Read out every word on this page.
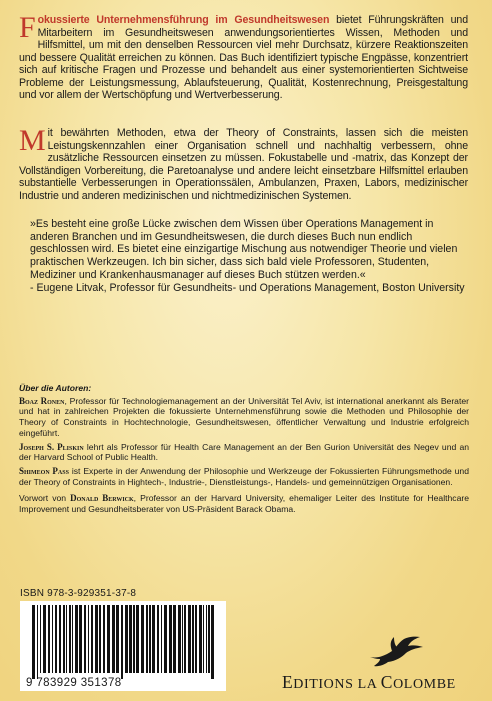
Fokussierte Unternehmensführung im Gesundheitswesen bietet Führungskräften und Mitarbeitern im Gesundheitswesen anwendungsorientiertes Wissen, Methoden und Hilfsmittel, um mit den denselben Ressourcen viel mehr Durchsatz, kürzere Reaktionszeiten und bessere Qualität erreichen zu können. Das Buch identifiziert typische Engpässe, konzentriert sich auf kritische Fragen und Prozesse und behandelt aus einer systemorientierten Sichtweise Probleme der Leistungsmessung, Ablaufsteuerung, Qualität, Kostenrechnung, Preisgestaltung und vor allem der Wertschöpfung und Wertverbesserung.
Mit bewährten Methoden, etwa der Theory of Constraints, lassen sich die meisten Leistungskennzahlen einer Organisation schnell und nachhaltig verbessern, ohne zusätzliche Ressourcen einsetzen zu müssen. Fokustabelle und -matrix, das Konzept der Vollständigen Vorbereitung, die Paretoanalyse und andere leicht einsetzbare Hilfsmittel erlauben substantielle Verbesserungen in Operationssälen, Ambulanzen, Praxen, Labors, medizinischer Industrie und anderen medizinischen und nichtmedizinischen Systemen.

»Es besteht eine große Lücke zwischen dem Wissen über Operations Management in anderen Branchen und im Gesundheitswesen, die durch dieses Buch nun endlich geschlossen wird. Es bietet eine einzigartige Mischung aus notwendiger Theorie und vielen praktischen Werkzeugen. Ich bin sicher, dass sich bald viele Professoren, Studenten, Mediziner und Krankenhausmanager auf dieses Buch stützen werden.«

- Eugene Litvak, Professor für Gesundheits- und Operations Management, Boston University

Über die Autoren:

Boaz Ronen, Professor für Technologiemanagement an der Universität Tel Aviv, ist international anerkannt als Berater und hat in zahlreichen Projekten die fokussierte Unternehmensführung sowie die Methoden und Philosophie der Theory of Constraints in Hochtechnologie, Gesundheitswesen, öffentlicher Verwaltung und Industrie erfolgreich eingeführt.

Joseph S. Pliskin lehrt als Professor für Health Care Management an der Ben Gurion Universität des Negev und an der Harvard School of Public Health.

Shimeon Pass ist Experte in der Anwendung der Philosophie und Werkzeuge der Fokussierten Führungsmethode und der Theory of Constraints in Hightech-, Industrie-, Dienstleistungs-, Handels- und gemeinnützigen Organisationen.

Vorwort von Donald Berwick, Professor an der Harvard University, ehemaliger Leiter des Institute for Healthcare Improvement und Gesundheitsberater von US-Präsident Barack Obama.

ISBN 978-3-929351-37-8
9 783929 351378	EDITIONS LA COLOMBE
